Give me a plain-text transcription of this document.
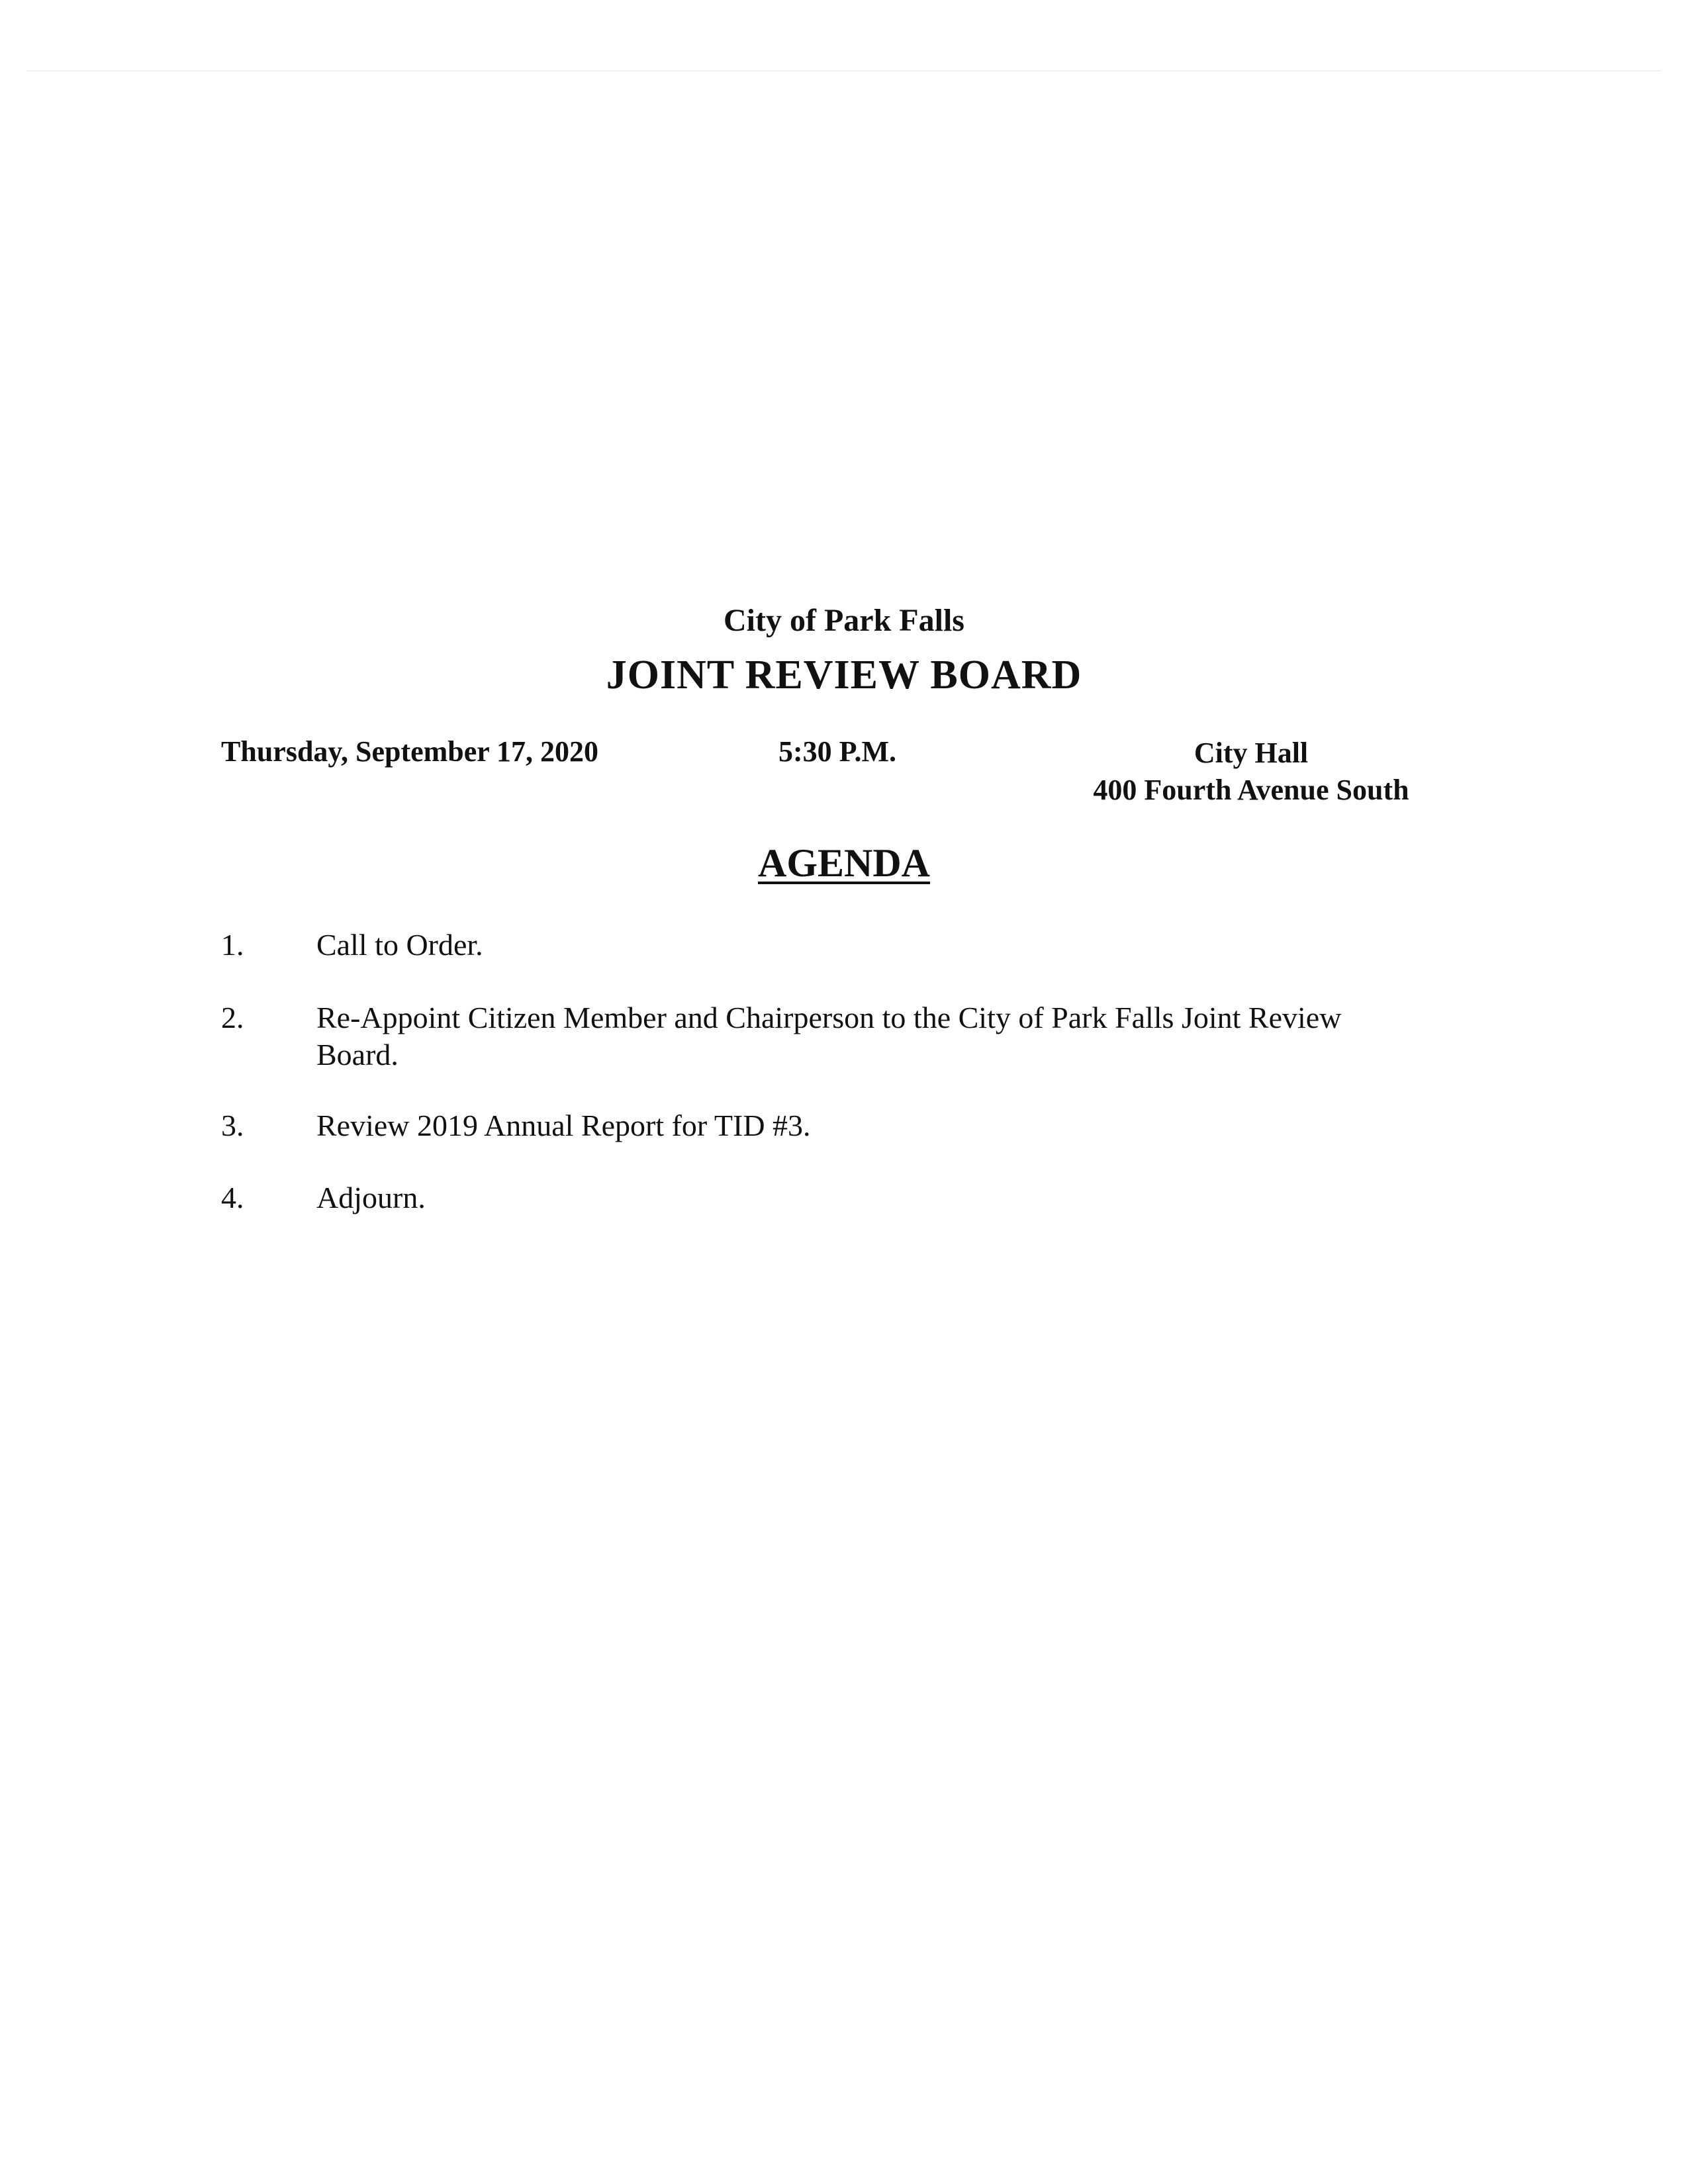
City of Park Falls
JOINT REVIEW BOARD
Thursday, September 17, 2020	5:30 P.M.	City Hall
400 Fourth Avenue South
AGENDA
1.	Call to Order.
2.	Re-Appoint Citizen Member and Chairperson to the City of Park Falls Joint Review Board.
3.	Review 2019 Annual Report for TID #3.
4.	Adjourn.
